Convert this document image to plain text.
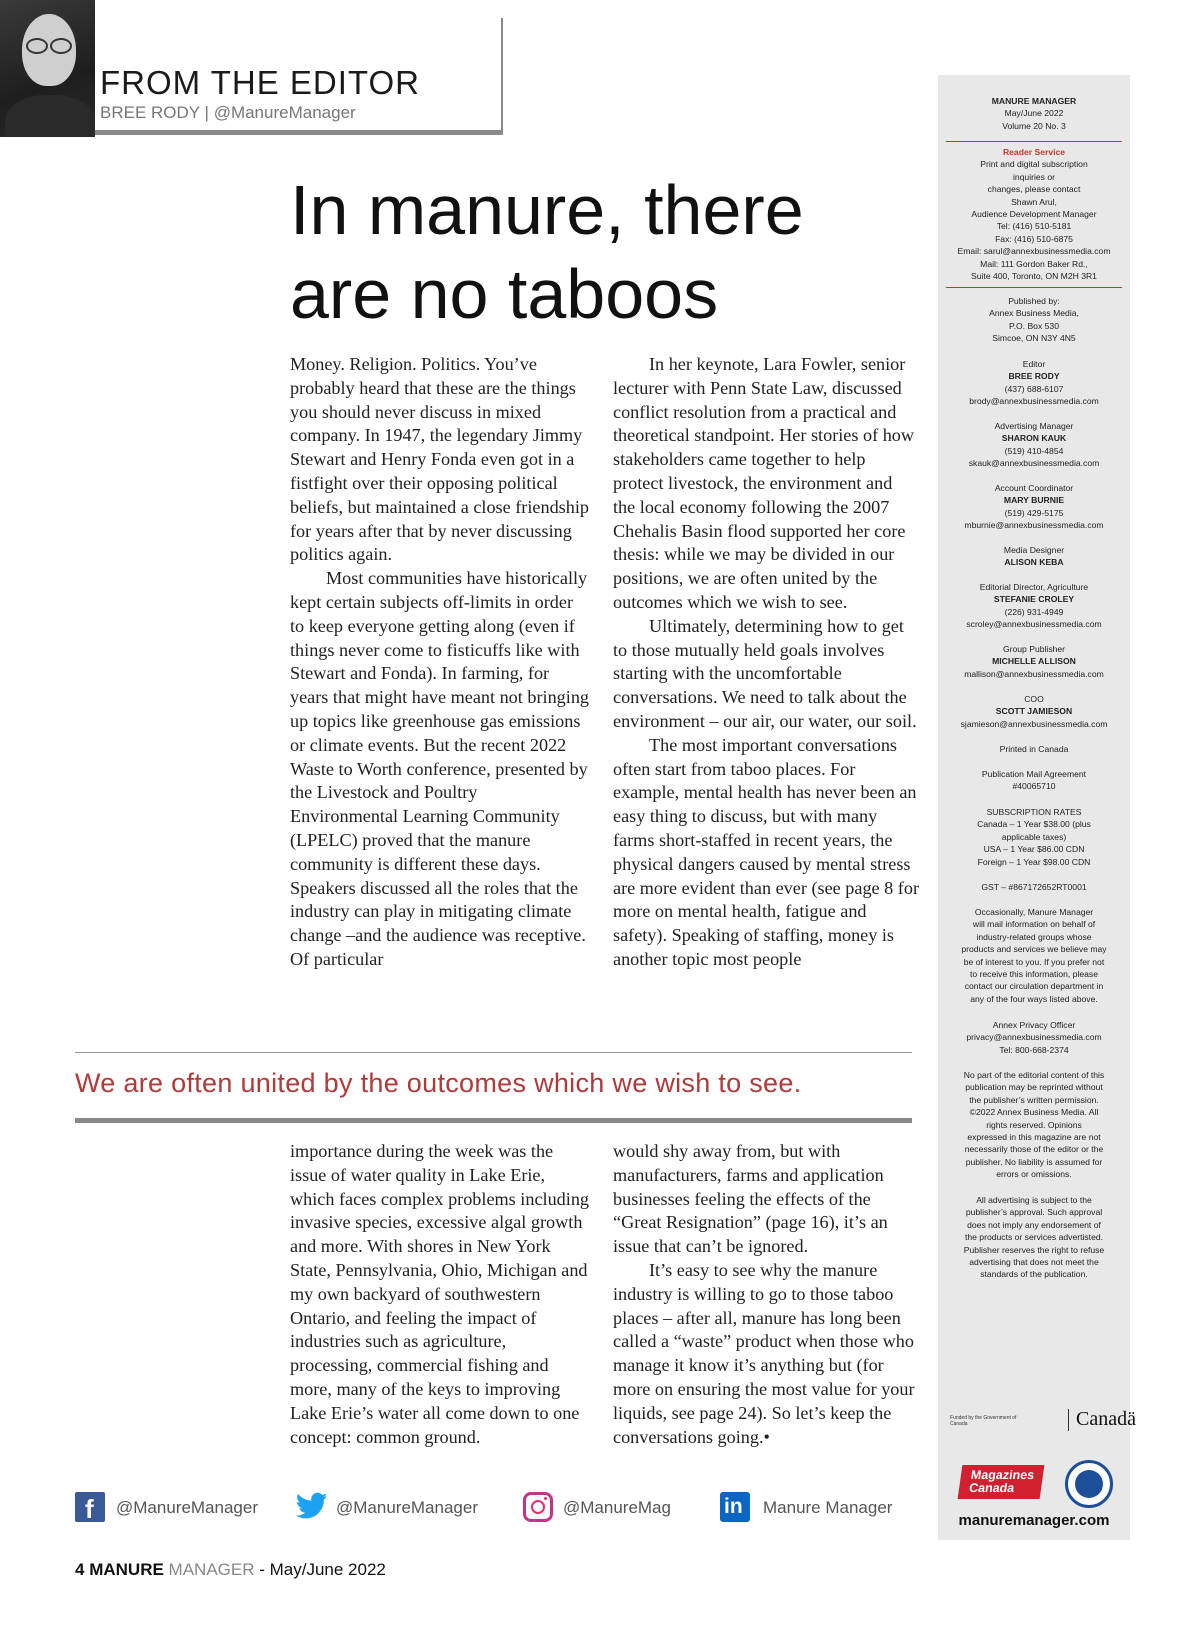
FROM THE EDITOR
BREE RODY | @ManureManager
In manure, there are no taboos

Money. Religion. Politics. You’ve probably heard that these are the things you should never discuss in mixed company. In 1947, the legendary Jimmy Stewart and Henry Fonda even got in a fistfight over their opposing political beliefs, but maintained a close friendship for years after that by never discussing politics again.

Most communities have historically kept certain subjects off-limits in order to keep everyone getting along (even if things never come to fisticuffs like with Stewart and Fonda). In farming, for years that might have meant not bringing up topics like greenhouse gas emissions or climate events. But the recent 2022 Waste to Worth conference, presented by the Livestock and Poultry Environmental Learning Community (LPELC) proved that the manure community is different these days. Speakers discussed all the roles that the industry can play in mitigating climate change –and the audience was receptive. Of particular

In her keynote, Lara Fowler, senior lecturer with Penn State Law, discussed conflict resolution from a practical and theoretical standpoint. Her stories of how stakeholders came together to help protect livestock, the environment and the local economy following the 2007 Chehalis Basin flood supported her core thesis: while we may be divided in our positions, we are often united by the outcomes which we wish to see.

Ultimately, determining how to get to those mutually held goals involves starting with the uncomfortable conversations. We need to talk about the environment – our air, our water, our soil.

The most important conversations often start from taboo places. For example, mental health has never been an easy thing to discuss, but with many farms short-staffed in recent years, the physical dangers caused by mental stress are more evident than ever (see page 8 for more on mental health, fatigue and safety). Speaking of staffing, money is another topic most people

We are often united by the outcomes which we wish to see.

importance during the week was the issue of water quality in Lake Erie, which faces complex problems including invasive species, excessive algal growth and more. With shores in New York State, Pennsylvania, Ohio, Michigan and my own backyard of southwestern Ontario, and feeling the impact of industries such as agriculture, processing, commercial fishing and more, many of the keys to improving Lake Erie’s water all come down to one concept: common ground.

would shy away from, but with manufacturers, farms and application businesses feeling the effects of the “Great Resignation” (page 16), it’s an issue that can’t be ignored.

It’s easy to see why the manure industry is willing to go to those taboo places – after all, manure has long been called a “waste” product when those who manage it know it’s anything but (for more on ensuring the most value for your liquids, see page 24). So let’s keep the conversations going.•

MANURE MANAGER
May/June 2022
Volume 20 No. 3
Reader Service
Print and digital subscription
inquiries or
changes, please contact
Shawn Arul,
Audience Development Manager
Tel: (416) 510-5181
Fax: (416) 510-6875
Email: sarul@annexbusinessmedia.com
Mail: 111 Gordon Baker Rd.,
Suite 400, Toronto, ON M2H 3R1
Published by:
Annex Business Media,
P.O. Box 530
Simcoe, ON N3Y 4N5
Editor
BREE RODY
(437) 688-6107
brody@annexbusinessmedia.com
Advertising Manager
SHARON KAUK
(519) 410-4854
skauk@annexbusinessmedia.com
Account Coordinator
MARY BURNIE
(519) 429-5175
mburnie@annexbusinessmedia.com
Media Designer
ALISON KEBA
Editorial Director, Agriculture
STEFANIE CROLEY
(226) 931-4949
scroley@annexbusinessmedia.com
Group Publisher
MICHELLE ALLISON
mallison@annexbusinessmedia.com
COO
SCOTT JAMIESON
sjamieson@annexbusinessmedia.com
Printed in Canada
Publication Mail Agreement
#40065710
SUBSCRIPTION RATES
Canada – 1 Year $38.00 (plus
applicable taxes)
USA – 1 Year $86.00 CDN
Foreign – 1 Year $98.00 CDN
GST – #867172652RT0001
Occasionally, Manure Manager
will mail information on behalf of
industry-related groups whose
products and services we believe may
be of interest to you. If you prefer not
to receive this information, please
contact our circulation department in
any of the four ways listed above.
Annex Privacy Officer
privacy@annexbusinessmedia.com
Tel: 800-668-2374
No part of the editorial content of this
publication may be reprinted without
the publisher’s written permission.
©2022 Annex Business Media. All
rights reserved. Opinions
expressed in this magazine are not
necessarily those of the editor or the
publisher. No liability is assumed for
errors or omissions.
All advertising is subject to the
publisher’s approval. Such approval
does not imply any endorsement of
the products or services advertisted.
Publisher reserves the right to refuse
advertising that does not meet the
standards of the publication.
Funded by the Government of Canada	Canadä
Magazines
Canada
manuremanager.com
f @ManureManager	@ManureManager	@ManureMag	in Manure Manager
4 MANURE MANAGER - May/June 2022
